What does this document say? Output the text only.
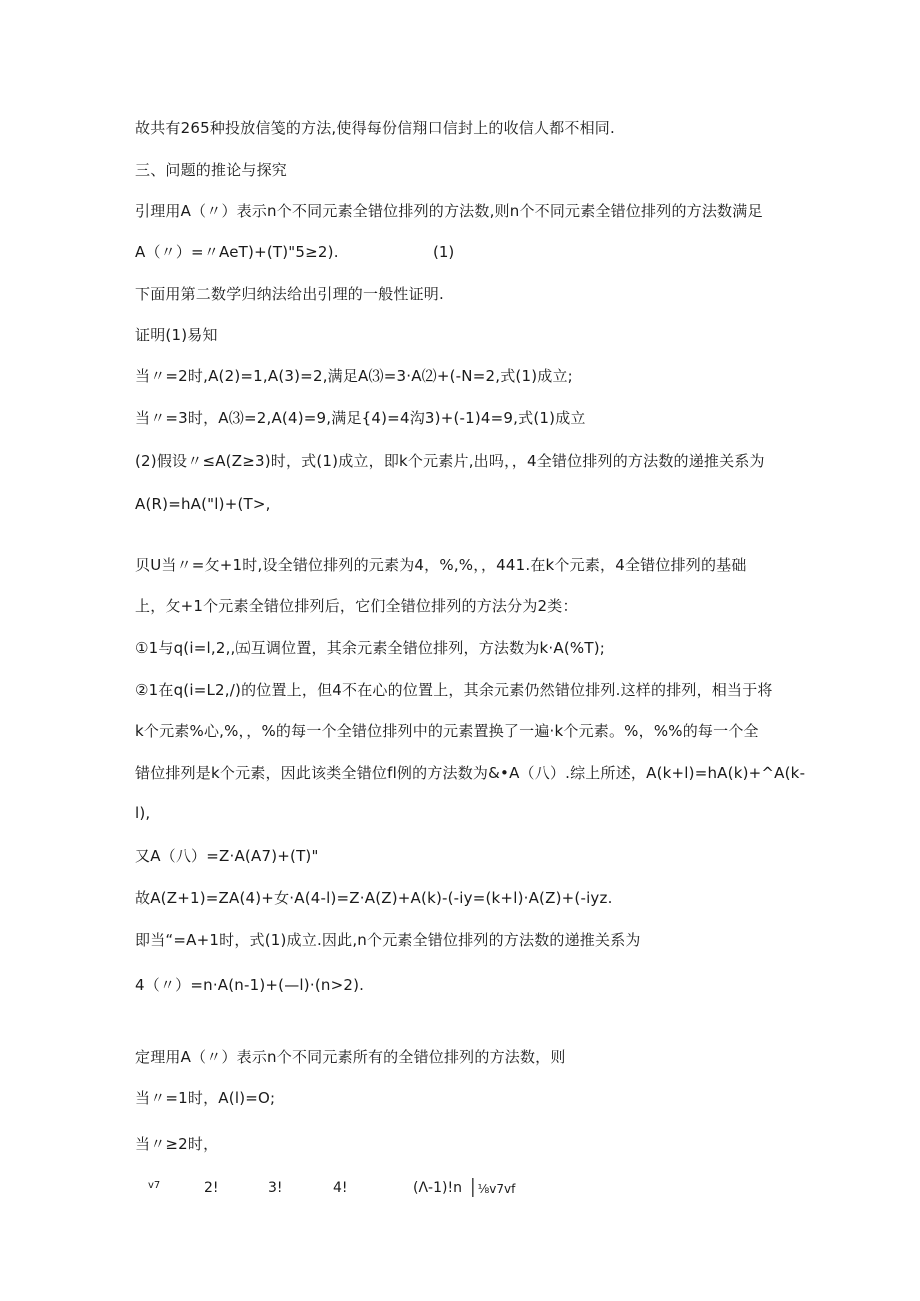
故共有265种投放信笺的方法,使得每份信翔口信封上的收信人都不相同.
三、问题的推论与探究
引理用A（〃）表示n个不同元素全错位排列的方法数,则n个不同元素全错位排列的方法数满足
A（〃）=〃AeT)+(T)"5≥2).	(1)
下面用第二数学归纳法给出引理的一般性证明.
证明(1)易知
当〃=2时,A(2)=1,A(3)=2,满足A⑶=3·A⑵+(-N=2,式(1)成立;
当〃=3时，A⑶=2,A(4)=9,满足{4)=4沟3)+(-1)4=9,式(1)成立
(2)假设〃≤A(Z≥3)时，式(1)成立，即k个元素片,出吗，，4全错位排列的方法数的递推关系为
A(R)=hA("l)+(T>,
贝U当〃=攵+1时,设全错位排列的元素为4，%,%，，441.在k个元素，4全错位排列的基础
上，攵+1个元素全错位排列后，它们全错位排列的方法分为2类：
①1与q(i=l,2,,㈤互调位置，其余元素全错位排列，方法数为k·A(%T);
②1在q(i=L2,/)的位置上，但4不在心的位置上，其余元素仍然错位排列.这样的排列，相当于将
k个元素%心,%，，%的每一个全错位排列中的元素置换了一遍·k个元素。%，%%的每一个全
错位排列是k个元素，因此该类全错位fl例的方法数为&•A（八）.综上所述，A(k+l)=hA(k)+^A(k-
l),
又A（八）=Z·A(A7)+(T)"
故A(Z+1)=ZA(4)+女·A(4-l)=Z·A(Z)+A(k)-(-iy=(k+l)·A(Z)+(-iyz.
即当“=A+1时，式(1)成立.因此,n个元素全错位排列的方法数的递推关系为
4（〃）=n·A(n-1)+(—l)·(n>2).
定理用A（〃）表示n个不同元素所有的全错位排列的方法数，则
当〃=1时，A(l)=O;
当〃≥2时，
v7	2!	3!	4!	(Λ-1)!n │⅛v7vf
